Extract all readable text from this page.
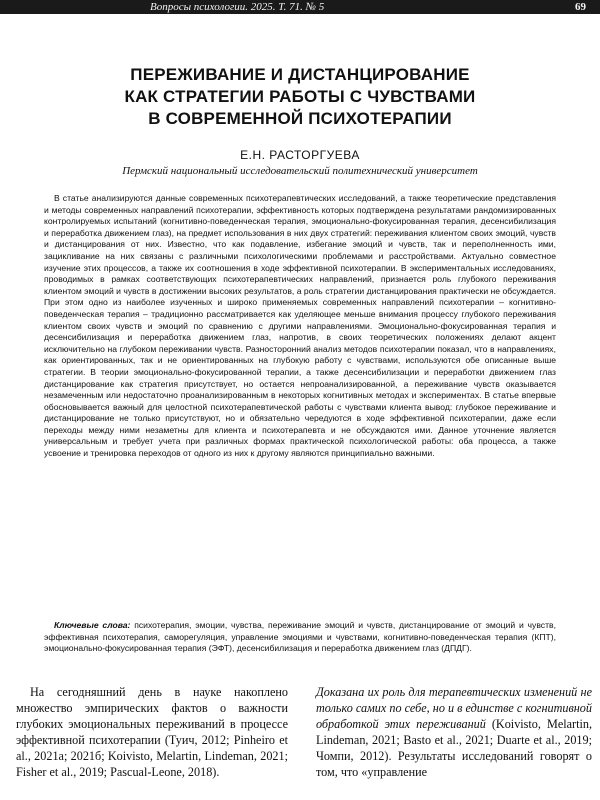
Вопросы психологии. 2025. Т. 71. № 5	69
ПЕРЕЖИВАНИЕ И ДИСТАНЦИРОВАНИЕ
КАК СТРАТЕГИИ РАБОТЫ С ЧУВСТВАМИ
В СОВРЕМЕННОЙ ПСИХОТЕРАПИИ
Е.Н. РАСТОРГУЕВА
Пермский национальный исследовательский политехнический университет

В статье анализируются данные современных психотерапевтических исследований, а также теоретические представления и методы современных направлений психотерапии, эффективность которых подтверждена результатами рандомизированных контролируемых испытаний (когнитивно-поведенческая терапия, эмоционально-фокусированная терапия, десенсибилизация и переработка движением глаз), на предмет использования в них двух стратегий: переживания клиентом своих эмоций, чувств и дистанцирования от них. Известно, что как подавление, избегание эмоций и чувств, так и переполненность ими, зацикливание на них связаны с различными психологическими проблемами и расстройствами. Актуально совместное изучение этих процессов, а также их соотношения в ходе эффективной психотерапии. В экспериментальных исследованиях, проводимых в рамках соответствующих психотерапевтических направлений, признается роль глубокого переживания клиентом эмоций и чувств в достижении высоких результатов, а роль стратегии дистанцирования практически не обсуждается. При этом одно из наиболее изученных и широко применяемых современных направлений психотерапии – когнитивно-поведенческая терапия – традиционно рассматривается как уделяющее меньше внимания процессу глубокого переживания клиентом своих чувств и эмоций по сравнению с другими направлениями. Эмоционально-фокусированная терапия и десенсибилизация и переработка движением глаз, напротив, в своих теоретических положениях делают акцент исключительно на глубоком переживании чувств. Разносторонний анализ методов психотерапии показал, что в направлениях, как ориентированных, так и не ориентированных на глубокую работу с чувствами, используются обе описанные выше стратегии. В теории эмоционально-фокусированной терапии, а также десенсибилизации и переработки движением глаз дистанцирование как стратегия присутствует, но остается непроанализированной, а переживание чувств оказывается незамеченным или недостаточно проанализированным в некоторых когнитивных методах и экспериментах. В статье впервые обосновывается важный для целостной психотерапевтической работы с чувствами клиента вывод: глубокое переживание и дистанцирование не только присутствуют, но и обязательно чередуются в ходе эффективной психотерапии, даже если переходы между ними незаметны для клиента и психотерапевта и не обсуждаются ими. Данное уточнение является универсальным и требует учета при различных формах практической психологической работы: оба процесса, а также усвоение и тренировка переходов от одного из них к другому являются принципиально важными.

Ключевые слова: психотерапия, эмоции, чувства, переживание эмоций и чувств, дистанцирование от эмоций и чувств, эффективная психотерапия, саморегуляция, управление эмоциями и чувствами, когнитивно-поведенческая терапия (КПТ), эмоционально-фокусированная терапия (ЭФТ), десенсибилизация и переработка движением глаз (ДПДГ).

На сегодняшний день в науке накоплено множество эмпирических фактов о важности глубоких эмоциональных переживаний в процессе эффективной психотерапии (Туич, 2012; Pinheiro et al., 2021a; 2021б; Koivisto, Melartin, Lindeman, 2021; Fisher et al., 2019; Pascual-Leone, 2018).

Доказана их роль для терапевтических изменений не только самих по себе, но и в единстве с когнитивной обработкой этих переживаний (Koivisto, Melartin, Lindeman, 2021; Basto et al., 2021; Duarte et al., 2019; Чомпи, 2012). Результаты исследований говорят о том, что «управление
